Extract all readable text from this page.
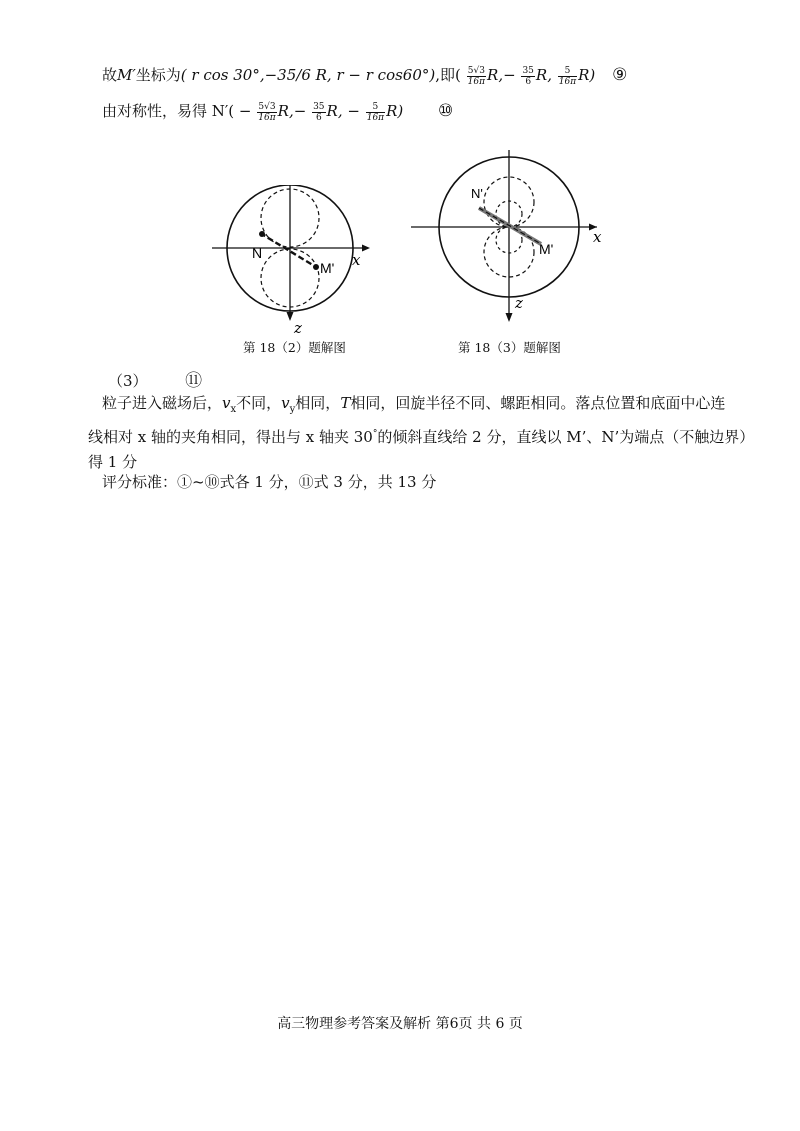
故M′坐标为( r cos 30°,−35/6 R, r − r cos60°),即( $\frac{5√3}{16\pi} R,- \frac{35}{6} R$, $\frac{5}{16\pi} R$) ⑨
由对称性，易得 $N'( - \frac{5√3}{16\pi} R,- \frac{35}{6} R$, − $\frac{5}{16\pi} R$) ⑩
N
M' x
z
第 18（2）题解图
N'
M'
x
z
第 18（3）题解图
（3） ⑪
粒子进入磁场后，$v_x$不同，$v_y$相同，T相同，回旋半径不同、螺距相同。落点位置和底面中心连
线相对 x 轴的夹角相同，得出与 x 轴夹 30°的倾斜直线给 2 分，直线以 M’、N’为端点（不触边界）
得 1 分
评分标准：①~⑩式各 1 分，⑪式 3 分，共 13 分
高三物理参考答案及解析 第6页 共 6 页
